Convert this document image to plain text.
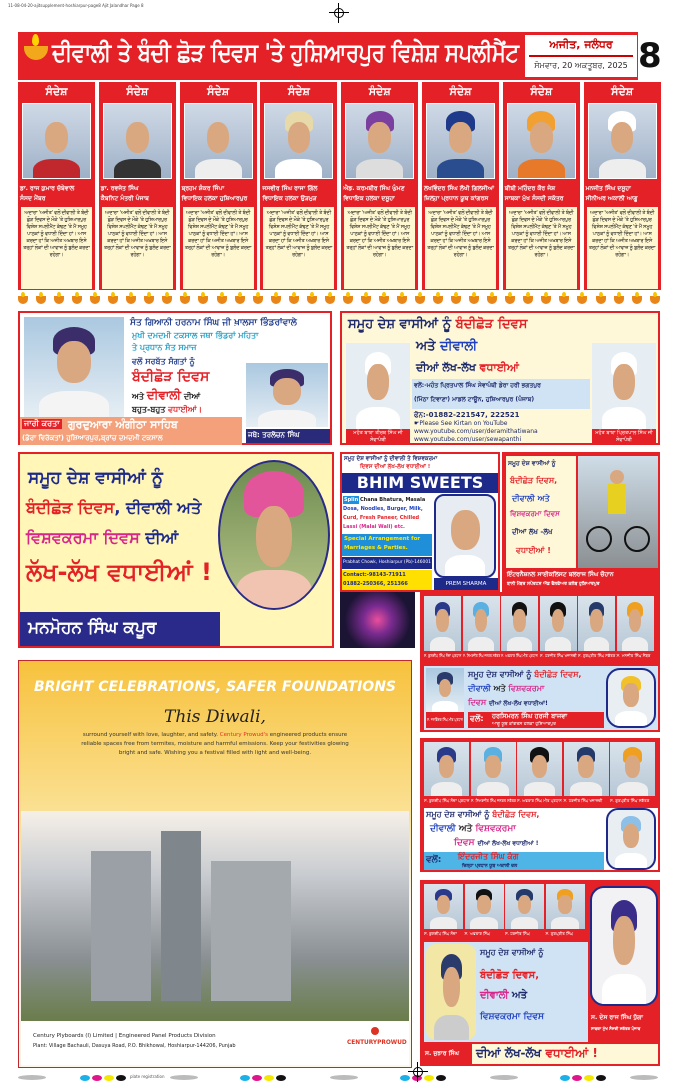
11-08-04-20-ajitsupplement-hoshiarpur-page8 Ajit Jalandhar Page 8
ਦੀਵਾਲੀ ਤੇ ਬੰਦੀ ਛੋੜ ਦਿਵਸ 'ਤੇ ਹੁਸ਼ਿਆਰਪੁਰ ਵਿਸ਼ੇਸ਼ ਸਪਲੀਮੈਂਟ	ਅਜੀਤ, ਜਲੰਧਰ
ਸੋਮਵਾਰ, 20 ਅਕਤੂਬਰ, 2025 8
ਸੰਦੇਸ਼
ਡਾ. ਰਾਜ ਕੁਮਾਰ ਚੱਬੇਵਾਲਸੰਸਦ ਮੈਂਬਰ
ਅਦਾਰਾ 'ਅਜੀਤ' ਵਲੋਂ ਦੀਵਾਲੀ ਤੇ ਬੰਦੀ ਛੋੜ ਦਿਵਸ ਦੇ ਮੌਕੇ 'ਤੇ ਹੁਸ਼ਿਆਰਪੁਰ ਵਿਸ਼ੇਸ਼ ਸਪਲੀਮੈਂਟ ਕੱਢਣ 'ਤੇ ਮੈਂ ਸਮੂਹ ਪਾਠਕਾਂ ਨੂੰ ਵਧਾਈ ਦਿੰਦਾ ਹਾਂ। ਆਸ ਕਰਦਾ ਹਾਂ ਕਿ ਅਜੀਤ ਅਖ਼ਬਾਰ ਇਸੇ ਤਰ੍ਹਾਂ ਲੋਕਾਂ ਦੀ ਆਵਾਜ਼ ਨੂੰ ਬੁਲੰਦ ਕਰਦਾ ਰਹੇਗਾ।
ਸੰਦੇਸ਼
ਡਾ. ਰਵਜੋਤ ਸਿੰਘਕੈਬਨਿਟ ਮੰਤਰੀ ਪੰਜਾਬ
ਅਦਾਰਾ 'ਅਜੀਤ' ਵਲੋਂ ਦੀਵਾਲੀ ਤੇ ਬੰਦੀ ਛੋੜ ਦਿਵਸ ਦੇ ਮੌਕੇ 'ਤੇ ਹੁਸ਼ਿਆਰਪੁਰ ਵਿਸ਼ੇਸ਼ ਸਪਲੀਮੈਂਟ ਕੱਢਣ 'ਤੇ ਮੈਂ ਸਮੂਹ ਪਾਠਕਾਂ ਨੂੰ ਵਧਾਈ ਦਿੰਦਾ ਹਾਂ। ਆਸ ਕਰਦਾ ਹਾਂ ਕਿ ਅਜੀਤ ਅਖ਼ਬਾਰ ਇਸੇ ਤਰ੍ਹਾਂ ਲੋਕਾਂ ਦੀ ਆਵਾਜ਼ ਨੂੰ ਬੁਲੰਦ ਕਰਦਾ ਰਹੇਗਾ।
ਸੰਦੇਸ਼
ਬ੍ਰਹਮ ਸ਼ੰਕਰ ਜਿੰਪਾਵਿਧਾਇਕ ਹਲਕਾ ਹੁਸ਼ਿਆਰਪੁਰ
ਅਦਾਰਾ 'ਅਜੀਤ' ਵਲੋਂ ਦੀਵਾਲੀ ਤੇ ਬੰਦੀ ਛੋੜ ਦਿਵਸ ਦੇ ਮੌਕੇ 'ਤੇ ਹੁਸ਼ਿਆਰਪੁਰ ਵਿਸ਼ੇਸ਼ ਸਪਲੀਮੈਂਟ ਕੱਢਣ 'ਤੇ ਮੈਂ ਸਮੂਹ ਪਾਠਕਾਂ ਨੂੰ ਵਧਾਈ ਦਿੰਦਾ ਹਾਂ। ਆਸ ਕਰਦਾ ਹਾਂ ਕਿ ਅਜੀਤ ਅਖ਼ਬਾਰ ਇਸੇ ਤਰ੍ਹਾਂ ਲੋਕਾਂ ਦੀ ਆਵਾਜ਼ ਨੂੰ ਬੁਲੰਦ ਕਰਦਾ ਰਹੇਗਾ।
ਸੰਦੇਸ਼
ਜਸਵੀਰ ਸਿੰਘ ਰਾਜਾ ਗਿੱਲਵਿਧਾਇਕ ਹਲਕਾ ਉੜਮੁੜ
ਅਦਾਰਾ 'ਅਜੀਤ' ਵਲੋਂ ਦੀਵਾਲੀ ਤੇ ਬੰਦੀ ਛੋੜ ਦਿਵਸ ਦੇ ਮੌਕੇ 'ਤੇ ਹੁਸ਼ਿਆਰਪੁਰ ਵਿਸ਼ੇਸ਼ ਸਪਲੀਮੈਂਟ ਕੱਢਣ 'ਤੇ ਮੈਂ ਸਮੂਹ ਪਾਠਕਾਂ ਨੂੰ ਵਧਾਈ ਦਿੰਦਾ ਹਾਂ। ਆਸ ਕਰਦਾ ਹਾਂ ਕਿ ਅਜੀਤ ਅਖ਼ਬਾਰ ਇਸੇ ਤਰ੍ਹਾਂ ਲੋਕਾਂ ਦੀ ਆਵਾਜ਼ ਨੂੰ ਬੁਲੰਦ ਕਰਦਾ ਰਹੇਗਾ।
ਸੰਦੇਸ਼
ਐਡ. ਕਰਮਬੀਰ ਸਿੰਘ ਘੁੰਮਣਵਿਧਾਇਕ ਹਲਕਾ ਦਸੂਹਾ
ਅਦਾਰਾ 'ਅਜੀਤ' ਵਲੋਂ ਦੀਵਾਲੀ ਤੇ ਬੰਦੀ ਛੋੜ ਦਿਵਸ ਦੇ ਮੌਕੇ 'ਤੇ ਹੁਸ਼ਿਆਰਪੁਰ ਵਿਸ਼ੇਸ਼ ਸਪਲੀਮੈਂਟ ਕੱਢਣ 'ਤੇ ਮੈਂ ਸਮੂਹ ਪਾਠਕਾਂ ਨੂੰ ਵਧਾਈ ਦਿੰਦਾ ਹਾਂ। ਆਸ ਕਰਦਾ ਹਾਂ ਕਿ ਅਜੀਤ ਅਖ਼ਬਾਰ ਇਸੇ ਤਰ੍ਹਾਂ ਲੋਕਾਂ ਦੀ ਆਵਾਜ਼ ਨੂੰ ਬੁਲੰਦ ਕਰਦਾ ਰਹੇਗਾ।
ਸੰਦੇਸ਼
ਲਖਵਿੰਦਰ ਸਿੰਘ ਲੱਖੀ ਗਿਲਜੀਆਂਜ਼ਿਲ੍ਹਾ ਪ੍ਰਧਾਨ ਯੂਥ ਕਾਂਗਰਸ
ਅਦਾਰਾ 'ਅਜੀਤ' ਵਲੋਂ ਦੀਵਾਲੀ ਤੇ ਬੰਦੀ ਛੋੜ ਦਿਵਸ ਦੇ ਮੌਕੇ 'ਤੇ ਹੁਸ਼ਿਆਰਪੁਰ ਵਿਸ਼ੇਸ਼ ਸਪਲੀਮੈਂਟ ਕੱਢਣ 'ਤੇ ਮੈਂ ਸਮੂਹ ਪਾਠਕਾਂ ਨੂੰ ਵਧਾਈ ਦਿੰਦਾ ਹਾਂ। ਆਸ ਕਰਦਾ ਹਾਂ ਕਿ ਅਜੀਤ ਅਖ਼ਬਾਰ ਇਸੇ ਤਰ੍ਹਾਂ ਲੋਕਾਂ ਦੀ ਆਵਾਜ਼ ਨੂੰ ਬੁਲੰਦ ਕਰਦਾ ਰਹੇਗਾ।
ਸੰਦੇਸ਼
ਬੀਬੀ ਮਹਿੰਦਰ ਕੌਰ ਜੋਸ਼ਸਾਬਕਾ ਮੁੱਖ ਸੰਸਦੀ ਸਕੱਤਰ
ਅਦਾਰਾ 'ਅਜੀਤ' ਵਲੋਂ ਦੀਵਾਲੀ ਤੇ ਬੰਦੀ ਛੋੜ ਦਿਵਸ ਦੇ ਮੌਕੇ 'ਤੇ ਹੁਸ਼ਿਆਰਪੁਰ ਵਿਸ਼ੇਸ਼ ਸਪਲੀਮੈਂਟ ਕੱਢਣ 'ਤੇ ਮੈਂ ਸਮੂਹ ਪਾਠਕਾਂ ਨੂੰ ਵਧਾਈ ਦਿੰਦਾ ਹਾਂ। ਆਸ ਕਰਦਾ ਹਾਂ ਕਿ ਅਜੀਤ ਅਖ਼ਬਾਰ ਇਸੇ ਤਰ੍ਹਾਂ ਲੋਕਾਂ ਦੀ ਆਵਾਜ਼ ਨੂੰ ਬੁਲੰਦ ਕਰਦਾ ਰਹੇਗਾ।
ਸੰਦੇਸ਼
ਮਨਜੀਤ ਸਿੰਘ ਦਸੂਹਾਸੀਨੀਅਰ ਅਕਾਲੀ ਆਗੂ
ਅਦਾਰਾ 'ਅਜੀਤ' ਵਲੋਂ ਦੀਵਾਲੀ ਤੇ ਬੰਦੀ ਛੋੜ ਦਿਵਸ ਦੇ ਮੌਕੇ 'ਤੇ ਹੁਸ਼ਿਆਰਪੁਰ ਵਿਸ਼ੇਸ਼ ਸਪਲੀਮੈਂਟ ਕੱਢਣ 'ਤੇ ਮੈਂ ਸਮੂਹ ਪਾਠਕਾਂ ਨੂੰ ਵਧਾਈ ਦਿੰਦਾ ਹਾਂ। ਆਸ ਕਰਦਾ ਹਾਂ ਕਿ ਅਜੀਤ ਅਖ਼ਬਾਰ ਇਸੇ ਤਰ੍ਹਾਂ ਲੋਕਾਂ ਦੀ ਆਵਾਜ਼ ਨੂੰ ਬੁਲੰਦ ਕਰਦਾ ਰਹੇਗਾ।
ਸੰਤ ਗਿਆਨੀ ਹਰਨਾਮ ਸਿੰਘ ਜੀ ਖ਼ਾਲਸਾ ਭਿੰਡਰਾਂਵਾਲੇ
ਮੁਖੀ ਦਮਦਮੀ ਟਕਸਾਲ ਜਥਾ ਭਿੰਡਰਾਂ ਮਹਿਤਾ
ਤੇ ਪ੍ਰਧਾਨ ਸੰਤ ਸਮਾਜ
ਵਲੋਂ ਸਰਬੱਤ ਸੰਗਤਾਂ ਨੂੰ
ਬੰਦੀਛੋੜ ਦਿਵਸ
ਅਤੇ ਦੀਵਾਲੀ ਦੀਆਂ
ਬਹੁਤ-ਬਹੁਤ ਵਧਾਈਆਂ।
ਜਾਰੀ ਕਰਤਾ ਗੁਰਦੁਆਰਾ ਅੰਗੀਠਾ ਸਾਹਿਬ
(ਡੇਰਾ ਵਿਰੱਕਤਾਂ) ਹੁਸ਼ਿਆਰਪੁਰ,ਬ੍ਰਾਂਚ ਦਮਦਮੀ ਟਕਸਾਲ	ਜਥੇ: ਤਰਲੋਚਨ ਸਿੰਘ
ਸਮੂਹ ਦੇਸ਼ ਵਾਸੀਆਂ ਨੂੰ ਬੰਦੀਛੋੜ ਦਿਵਸ
ਅਤੇ ਦੀਵਾਲੀ
ਦੀਆਂ ਲੱਖ-ਲੱਖ ਵਧਾਈਆਂ
ਵਲੋਂ:-ਮਹੰਤ ਪ੍ਰਿਤਪਾਲ ਸਿੰਘ ਸੇਵਾਪੰਥੀ ਡੇਰਾ ਹਰੀ ਭਗਤਪੁਰ
(ਮਿੱਠਾ ਟਿਵਾਣਾ) ਮਾਡਲ ਟਾਊਨ, ਹੁਸ਼ਿਆਰਪੁਰ (ਪੰਜਾਬ)
ਫੋਨ:-01882-221547, 222521
☛Please See Kirtan on YouTube
www.youtube.com/user/deramithatiwana
www.youtube.com/user/sewapanthi
ਮਹੰਤ ਬਾਬਾ ਤੀਰਥ ਸਿੰਘ ਜੀ ਸੇਵਾਪੰਥੀ
ਮਹੰਤ ਬਾਬਾ ਪ੍ਰਿਤਪਾਲ ਸਿੰਘ ਜੀ ਸੇਵਾਪੰਥੀ
ਸਮੂਹ ਦੇਸ਼ ਵਾਸੀਆਂ ਨੂੰ
ਬੰਦੀਛੋੜ ਦਿਵਸ, ਦੀਵਾਲੀ ਅਤੇ
ਵਿਸ਼ਵਕਰਮਾ ਦਿਵਸ ਦੀਆਂ
ਲੱਖ-ਲੱਖ ਵਧਾਈਆਂ !
ਮਨਮੋਹਨ ਸਿੰਘ ਕਪੂਰ
ਸਮੂਹ ਦੇਸ਼ ਵਾਸੀਆਂ ਨੂੰ ਦੀਵਾਲੀ ਤੇ ਵਿਸ਼ਵਕਰਮਾ
ਦਿਵਸ ਦੀਆਂ ਲੱਖ-ਲੱਖ ਵਧਾਈਆਂ !
BHIM SWEETS
Splin Chana Bhatura, Masala
Dosa, Noodles, Burger, Milk,
Curd, Fresh Paneer, Chilled
Lassi (Malai Wali) etc.
Special Arrangement for
Marriages & Parties.
Prabhat Chowk, Hoshiarpur (Pb)-146001
Contact:-98143-71911
01882-250366, 251366	PREM SHARMA
ਸਮੂਹ ਦੇਸ਼ ਵਾਸੀਆਂ ਨੂੰ
ਬੰਦੀਛੋੜ ਦਿਵਸ,
ਦੀਵਾਲੀ ਅਤੇ
ਵਿਸ਼ਵਕਰਮਾ ਦਿਵਸ
ਦੀਆਂ ਲੱਖ -ਲੱਖ
ਵਧਾਈਆਂ !
ਇੰਟਰਨੈਸ਼ਨਲ ਸਾਈਕਲਿਸਟ ਬਲਰਾਜ ਸਿੰਘ ਚੌਹਾਨ
ਬਾਨੀ ਮੈਂਬਰ ਸਪੋਰਟਸ ਐਂਡ ਵੈੱਲਫੇਅਰ ਕਲੱਬ ਹੁਸ਼ਿਆਰਪੁਰ
BRIGHT CELEBRATIONS, SAFER FOUNDATIONS
This Diwali,
surround yourself with love, laughter, and safety. Century Prowud's engineered products ensure reliable spaces free from termites, moisture and harmful emissions. Keep your festivities glowing bright and safe. Wishing you a festival filled with light and well-being.
Century Plyboards (I) Limited | Engineered Panel Products Division
Plant: Village Bachauli, Dasuya Road, P.O. Bhikhowal, Hoshiarpur-144206, Punjab	CENTURYPROWUD
ਸ. ਕੁਲਦੀਪ ਸਿੰਘ ਨੰਦਾ ਪ੍ਰਧਾਨ ਸ. ਸਿਮਰਜੀਤ ਸਿੰਘ ਜਨਰਲ ਸਕੱਤਰ ਸ. ਅਵਤਾਰ ਸਿੰਘ ਮੀਤ ਪ੍ਰਧਾਨ ਸ. ਹਰਜੀਤ ਸਿੰਘ ਖਜ਼ਾਨਚੀ ਸ. ਗੁਰਪ੍ਰੀਤ ਸਿੰਘ ਸਕੱਤਰ ਸ. ਮਨਜੀਤ ਸਿੰਘ ਮੈਂਬਰ
ਸ. ਜਸਵਿੰਦਰ ਸਿੰਘ ਮੀਤ ਪ੍ਰਧਾਨ
ਸਮੂਹ ਦੇਸ਼ ਵਾਸੀਆਂ ਨੂੰ ਬੰਦੀਛੋੜ ਦਿਵਸ,
ਦੀਵਾਲੀ ਅਤੇ ਵਿਸ਼ਵਕਰਮਾ
ਦਿਵਸ ਦੀਆਂ ਲੱਖ-ਲੱਖ ਵਧਾਈਆਂ!
ਵਲੋਂ: ਹਰਸਿਮਰਨ ਸਿੰਘ ਹਰਜੀ ਬਾਜਵਾ
ਆਗੂ ਯੂਥ ਕਾਂਗਰਸ ਹਲਕਾ ਹੁਸ਼ਿਆਰਪੁਰ
ਸ. ਕੁਲਦੀਪ ਸਿੰਘ ਨੰਦਾ ਪ੍ਰਧਾਨ ਸ. ਸਿਮਰਜੀਤ ਸਿੰਘ ਜਨਰਲ ਸਕੱਤਰ ਸ. ਅਵਤਾਰ ਸਿੰਘ ਮੀਤ ਪ੍ਰਧਾਨ ਸ. ਹਰਜੀਤ ਸਿੰਘ ਖਜ਼ਾਨਚੀ ਸ. ਗੁਰਪ੍ਰੀਤ ਸਿੰਘ ਸਕੱਤਰ
ਸਮੂਹ ਦੇਸ਼ ਵਾਸੀਆਂ ਨੂੰ ਬੰਦੀਛੋੜ ਦਿਵਸ,
ਦੀਵਾਲੀ ਅਤੇ ਵਿਸ਼ਵਕਰਮਾ
ਦਿਵਸ ਦੀਆਂ ਲੱਖ-ਲੱਖ ਵਧਾਈਆਂ !
ਵਲੋਂ: ਇੰਦਰਜੀਤ ਸਿੰਘ ਕੰਗ
ਜ਼ਿਲ੍ਹਾ ਪ੍ਰਧਾਨ ਯੂਥ ਅਕਾਲੀ ਦਲ
ਸ. ਕੁਲਦੀਪ ਸਿੰਘ ਨੰਦਾ ਸ. ਅਵਤਾਰ ਸਿੰਘ	ਸ. ਹਰਜੀਤ ਸਿੰਘ	ਸ. ਗੁਰਪ੍ਰੀਤ ਸਿੰਘ
ਸਮੂਹ ਦੇਸ਼ ਵਾਸੀਆਂ ਨੂੰ
ਬੰਦੀਛੋੜ ਦਿਵਸ,
ਦੀਵਾਲੀ ਅਤੇ
ਵਿਸ਼ਵਕਰਮਾ ਦਿਵਸ	ਸ. ਦੇਸ ਰਾਜ ਸਿੰਘ ਧੁੱਗਾ
ਸਾਬਕਾ ਮੁੱਖ ਸੰਸਦੀ ਸਕੱਤਰ ਪੰਜਾਬ
ਸ. ਜੁਝਾਰ ਸਿੰਘ ਦੀਆਂ ਲੱਖ-ਲੱਖ ਵਧਾਈਆਂ !
plate registration
